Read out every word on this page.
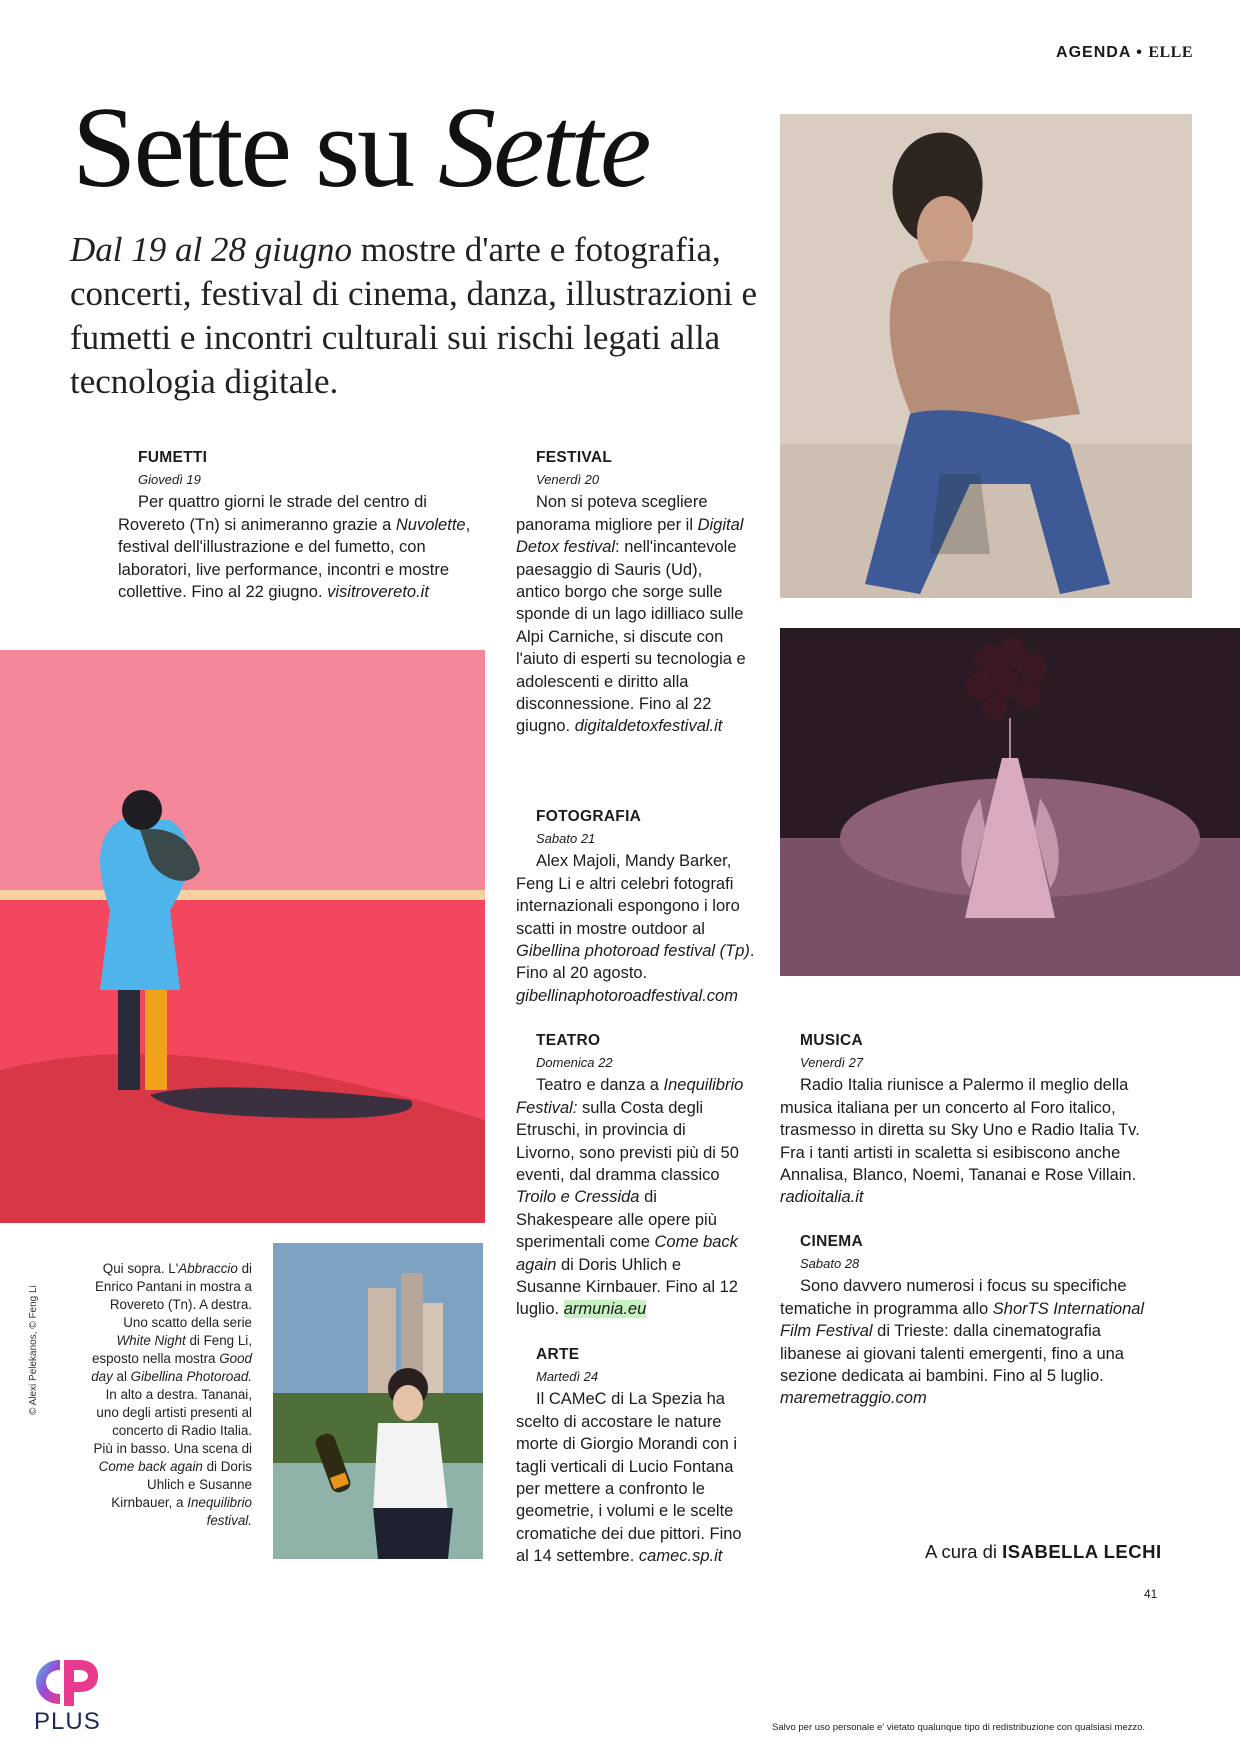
AGENDA • ELLE
Sette su Sette
Dal 19 al 28 giugno mostre d'arte e fotografia, concerti, festival di cinema, danza, illustrazioni e fumetti e incontri culturali sui rischi legati alla tecnologia digitale.
FUMETTI
Giovedì 19

Per quattro giorni le strade del centro di Rovereto (Tn) si animeranno grazie a Nuvolette, festival dell'illustrazione e del fumetto, con laboratori, live performance, incontri e mostre collettive. Fino al 22 giugno. visitrovereto.it

FESTIVAL
Venerdì 20

Non si poteva scegliere panorama migliore per il Digital Detox festival: nell'incantevole paesaggio di Sauris (Ud), antico borgo che sorge sulle sponde di un lago idilliaco sulle Alpi Carniche, si discute con l'aiuto di esperti su tecnologia e adolescenti e diritto alla disconnessione. Fino al 22 giugno. digitaldetoxfestival.it

FOTOGRAFIA
Sabato 21

Alex Majoli, Mandy Barker, Feng Li e altri celebri fotografi internazionali espongono i loro scatti in mostre outdoor al Gibellina photoroad festival (Tp). Fino al 20 agosto. gibellinaphotoroadfestival.com

TEATRO
Domenica 22

Teatro e danza a Inequilibrio Festival: sulla Costa degli Etruschi, in provincia di Livorno, sono previsti più di 50 eventi, dal dramma classico Troilo e Cressida di Shakespeare alle opere più sperimentali come Come back again di Doris Uhlich e Susanne Kirnbauer. Fino al 12 luglio. armunia.eu

ARTE
Martedì 24

Il CAMeC di La Spezia ha scelto di accostare le nature morte di Giorgio Morandi con i tagli verticali di Lucio Fontana per mettere a confronto le geometrie, i volumi e le scelte cromatiche dei due pittori. Fino al 14 settembre. camec.sp.it

MUSICA
Venerdì 27

Radio Italia riunisce a Palermo il meglio della musica italiana per un concerto al Foro italico, trasmesso in diretta su Sky Uno e Radio Italia Tv. Fra i tanti artisti in scaletta si esibiscono anche Annalisa, Blanco, Noemi, Tananai e Rose Villain. radioitalia.it

CINEMA
Sabato 28

Sono davvero numerosi i focus su specifiche tematiche in programma allo ShorTS International Film Festival di Trieste: dalla cinematografia libanese ai giovani talenti emergenti, fino a una sezione dedicata ai bambini. Fino al 5 luglio. maremetraggio.com

Qui sopra. L'Abbraccio di Enrico Pantani in mostra a Rovereto (Tn). A destra. Uno scatto della serie White Night di Feng Li, esposto nella mostra Good day al Gibellina Photoroad. In alto a destra. Tananai, uno degli artisti presenti al concerto di Radio Italia. Più in basso. Una scena di Come back again di Doris Uhlich e Susanne Kirnbauer, a Inequilibrio festival.
© Alexi Pelekanos, © Feng Li
A cura di ISABELLA LECHI
41
PLUS	Salvo per uso personale e' vietato qualunque tipo di redistribuzione con qualsiasi mezzo.
